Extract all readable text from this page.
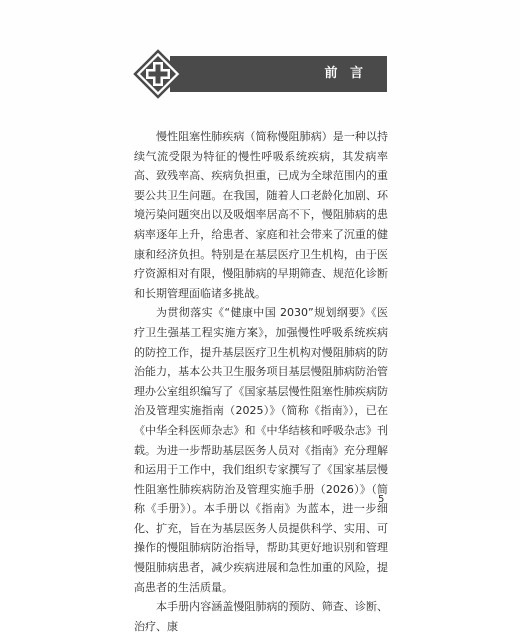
前 言

慢性阻塞性肺疾病（简称慢阻肺病）是一种以持续气流受限为特征的慢性呼吸系统疾病，其发病率高、致残率高、疾病负担重，已成为全球范围内的重要公共卫生问题。在我国，随着人口老龄化加剧、环境污染问题突出以及吸烟率居高不下，慢阻肺病的患病率逐年上升，给患者、家庭和社会带来了沉重的健康和经济负担。特别是在基层医疗卫生机构，由于医疗资源相对有限，慢阻肺病的早期筛查、规范化诊断和长期管理面临诸多挑战。

为贯彻落实《“健康中国 2030”规划纲要》《医疗卫生强基工程实施方案》，加强慢性呼吸系统疾病的防控工作，提升基层医疗卫生机构对慢阻肺病的防治能力，基本公共卫生服务项目基层慢阻肺病防治管理办公室组织编写了《国家基层慢性阻塞性肺疾病防治及管理实施指南（2025）》（简称《指南》），已在《中华全科医师杂志》和《中华结核和呼吸杂志》刊载。为进一步帮助基层医务人员对《指南》充分理解和运用于工作中，我们组织专家撰写了《国家基层慢性阻塞性肺疾病防治及管理实施手册（2026）》（简称《手册》）。本手册以《指南》为蓝本，进一步细化、扩充，旨在为基层医务人员提供科学、实用、可操作的慢阻肺病防治指导，帮助其更好地识别和管理慢阻肺病患者，减少疾病进展和急性加重的风险，提高患者的生活质量。

本手册内容涵盖慢阻肺病的预防、筛查、诊断、治疗、康

5
